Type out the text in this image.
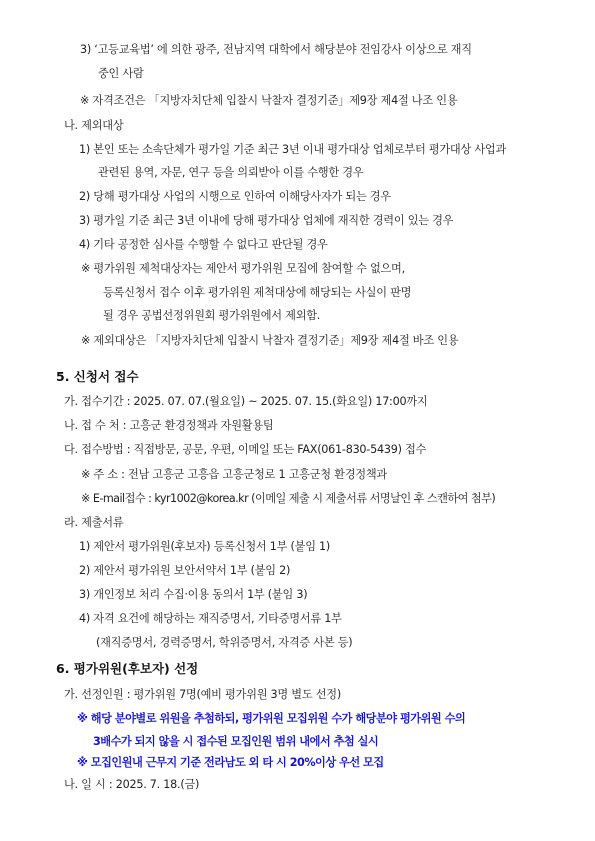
3) ‘고등교육법’ 에 의한 광주, 전남지역 대학에서 해당분야 전임강사 이상으로 재직
중인 사람
※ 자격조건은 「지방자치단체 입찰시 낙찰자 결정기준」제9장 제4절 나조 인용
나. 제외대상
1) 본인 또는 소속단체가 평가일 기준 최근 3년 이내 평가대상 업체로부터 평가대상 사업과
관련된 용역, 자문, 연구 등을 의뢰받아 이를 수행한 경우
2) 당해 평가대상 사업의 시행으로 인하여 이해당사자가 되는 경우
3) 평가일 기준 최근 3년 이내에 당해 평가대상 업체에 재직한 경력이 있는 경우
4) 기타 공정한 심사를 수행할 수 없다고 판단될 경우
※ 평가위원 제척대상자는 제안서 평가위원 모집에 참여할 수 없으며,
등록신청서 접수 이후 평가위원 제척대상에 해당되는 사실이 판명
될 경우 공법선정위원회 평가위원에서 제외함.
※ 제외대상은 「지방자치단체 입찰시 낙찰자 결정기준」제9장 제4절 바조 인용
5. 신청서 접수
가. 접수기간 : 2025. 07. 07.(월요일) ~ 2025. 07. 15.(화요일) 17:00까지
나. 접 수 처 : 고흥군 환경정책과 자원활용팀
다. 접수방법 : 직접방문, 공문, 우편, 이메일 또는 FAX(061-830-5439) 접수
※ 주 소 : 전남 고흥군 고흥읍 고흥군청로 1 고흥군청 환경정책과
※ E-mail접수 : kyr1002@korea.kr (이메일 제출 시 제출서류 서명날인 후 스캔하여 첨부)
라. 제출서류
1) 제안서 평가위원(후보자) 등록신청서 1부 (붙임 1)
2) 제안서 평가위원 보안서약서 1부 (붙임 2)
3) 개인정보 처리 수집·이용 동의서 1부 (붙임 3)
4) 자격 요건에 해당하는 재직증명서, 기타증명서류 1부
(재직증명서, 경력증명서, 학위증명서, 자격증 사본 등)
6. 평가위원(후보자) 선정
가. 선정인원 : 평가위원 7명(예비 평가위원 3명 별도 선정)
※ 해당 분야별로 위원을 추첨하되, 평가위원 모집위원 수가 해당분야 평가위원 수의
3배수가 되지 않을 시 접수된 모집인원 범위 내에서 추첨 실시
※ 모집인원내 근무지 기준 전라남도 외 타 시 20%이상 우선 모집
나. 일 시 : 2025. 7. 18.(금)
